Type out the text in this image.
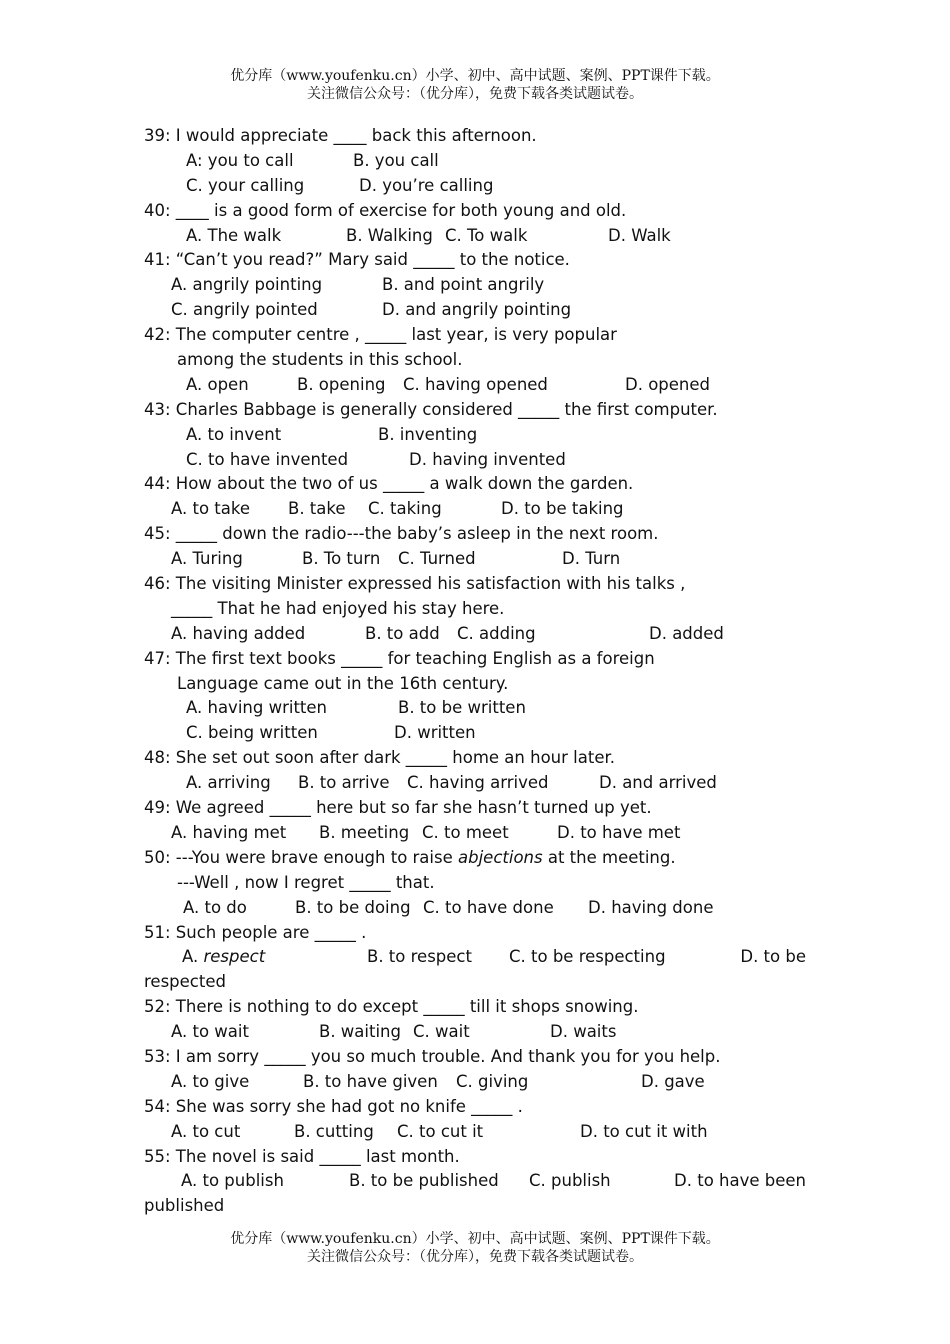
优分库（www.youfenku.cn）小学、初中、高中试题、案例、PPT课件下载。
关注微信公众号：（优分库），免费下载各类试题试卷。
39: I would appreciate ____ back this afternoon.
A: you to call	B. you call
C. your calling	D. you’re calling
40: ____ is a good form of exercise for both young and old.
A. The walk	B. Walking C. To walk	D. Walk
41: “Can’t you read?” Mary said _____ to the notice.
A. angrily pointing	B. and point angrily
C. angrily pointed	D. and angrily pointing
42: The computer centre , _____ last year, is very popular
among the students in this school.
A. open	B. opening C. having opened	D. opened
43: Charles Babbage is generally considered _____ the first computer.
A. to invent	B. inventing
C. to have invented	D. having invented
44: How about the two of us _____ a walk down the garden.
A. to take B. take C. taking	D. to be taking
45: _____ down the radio---the baby’s asleep in the next room.
A. Turing	B. To turn C. Turned	D. Turn
46: The visiting Minister expressed his satisfaction with his talks ,
_____ That he had enjoyed his stay here.
A. having added	B. to add C. adding	D. added
47: The first text books _____ for teaching English as a foreign
Language came out in the 16th century.
A. having written	B. to be written
C. being written	D. written
48: She set out soon after dark _____ home an hour later.
A. arriving B. to arrive C. having arrived	D. and arrived
49: We agreed _____ here but so far she hasn’t turned up yet.
A. having met B. meeting C. to meet	D. to have met
50: ---You were brave enough to raise abjections at the meeting.
---Well , now I regret _____ that.
A. to do	B. to be doing C. to have done D. having done
51: Such people are _____ .
A. respect	B. to respect C. to be respecting	D. to be
respected
52: There is nothing to do except _____ till it shops snowing.
A. to wait	B. waiting C. wait	D. waits
53: I am sorry _____ you so much trouble. And thank you for you help.
A. to give	B. to have given C. giving	D. gave
54: She was sorry she had got no knife _____ .
A. to cut	B. cutting C. to cut it	D. to cut it with
55: The novel is said _____ last month.
A. to publish	B. to be published C. publish	D. to have been
published
优分库（www.youfenku.cn）小学、初中、高中试题、案例、PPT课件下载。
关注微信公众号：（优分库），免费下载各类试题试卷。
